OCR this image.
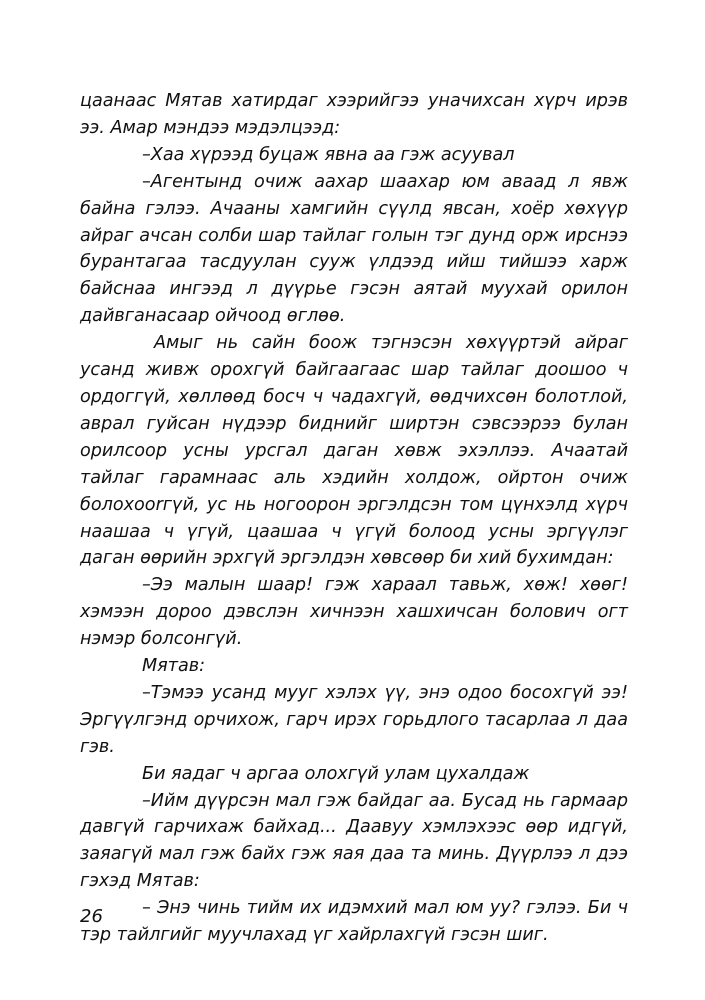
цаанаас Мятав хатирдаг хээрийгээ уначихсан хүрч ирэв ээ. Амар мэндээ мэдэлцээд:

–Хаа хүрээд буцаж явна аа гэж асуувал

–Агентынд очиж аахар шаахар юм аваад л явж байна гэлээ. Ачааны хамгийн сүүлд явсан, хоёр хөхүүр айраг ачсан солби шар тайлаг голын тэг дунд орж ирснээ бурантагаа тасдуулан сууж үлдээд ийш тийшээ харж байснаа ингээд л дүүрье гэсэн аятай муухай орилон дайвганасаар ойчоод өглөө.

Амыг нь сайн боож тэгнэсэн хөхүүртэй айраг усанд живж орохгүй байгаагаас шар тайлаг доошоо ч ордоггүй, хөллөөд босч ч чадахгүй, өөдчихсөн болотлой, аврал гуйсан нүдээр биднийг ширтэн сэвсээрээ булан орилсоор усны урсгал даган хөвж эхэллээ. Ачаатай тайлаг гарамнаас аль хэдийн холдож, ойртон очиж болохоorгүй, ус нь ногоорон эргэлдсэн том цүнхэлд хүрч наашаа ч үгүй, цаашаа ч үгүй болоод усны эргүүлэг даган өөрийн эрхгүй эргэлдэн хөвсөөр би хий бухимдан:

–Ээ малын шаар! гэж хараал тавьж, хөж! хөөг! хэмээн дороо дэвслэн хичнээн хашхичсан болович огт нэмэр болсонгүй.

Мятав:

–Тэмээ усанд мууг хэлэх үү, энэ одоо босохгүй ээ! Эргүүлгэнд орчихож, гарч ирэх горьдлого тасарлаа л даа гэв.

Би яадаг ч аргаа олохгүй улам цухалдаж

–Ийм дүүрсэн мал гэж байдаг аа. Бусад нь гармаар давгүй гарчихаж байхад... Даавуу хэмлэхээс өөр идгүй, заяагүй мал гэж байх гэж яая даа та минь. Дүүрлээ л дээ гэхэд Мятав:

– Энэ чинь тийм их идэмхий мал юм уу? гэлээ. Би ч тэр тайлгийг муучлахад үг хайрлахгүй гэсэн шиг.

26
